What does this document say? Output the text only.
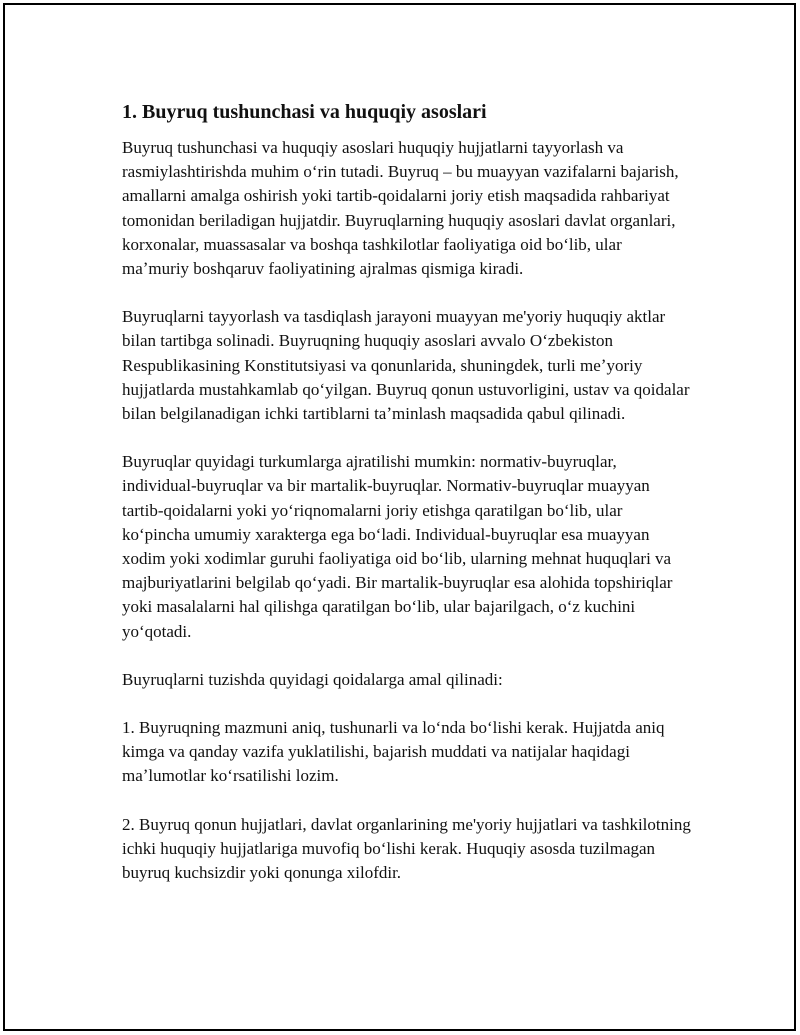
1. Buyruq tushunchasi va huquqiy asoslari

Buyruq tushunchasi va huquqiy asoslari huquqiy hujjatlarni tayyorlash va rasmiylashtirishda muhim oʻrin tutadi. Buyruq – bu muayyan vazifalarni bajarish, amallarni amalga oshirish yoki tartib-qoidalarni joriy etish maqsadida rahbariyat tomonidan beriladigan hujjatdir. Buyruqlarning huquqiy asoslari davlat organlari, korxonalar, muassasalar va boshqa tashkilotlar faoliyatiga oid boʻlib, ular maʼmuriy boshqaruv faoliyatining ajralmas qismiga kiradi.

Buyruqlarni tayyorlash va tasdiqlash jarayoni muayyan me'yoriy huquqiy aktlar bilan tartibga solinadi. Buyruqning huquqiy asoslari avvalo Oʻzbekiston Respublikasining Konstitutsiyasi va qonunlarida, shuningdek, turli meʼyoriy hujjatlarda mustahkamlab qoʻyilgan. Buyruq qonun ustuvorligini, ustav va qoidalar bilan belgilanadigan ichki tartiblarni taʼminlash maqsadida qabul qilinadi.

Buyruqlar quyidagi turkumlarga ajratilishi mumkin: normativ-buyruqlar, individual-buyruqlar va bir martalik-buyruqlar. Normativ-buyruqlar muayyan tartib-qoidalarni yoki yoʻriqnomalarni joriy etishga qaratilgan boʻlib, ular koʻpincha umumiy xarakterga ega boʻladi. Individual-buyruqlar esa muayyan xodim yoki xodimlar guruhi faoliyatiga oid boʻlib, ularning mehnat huquqlari va majburiyatlarini belgilab qoʻyadi. Bir martalik-buyruqlar esa alohida topshiriqlar yoki masalalarni hal qilishga qaratilgan boʻlib, ular bajarilgach, oʻz kuchini yoʻqotadi.

Buyruqlarni tuzishda quyidagi qoidalarga amal qilinadi:

1. Buyruqning mazmuni aniq, tushunarli va loʻnda boʻlishi kerak. Hujjatda aniq kimga va qanday vazifa yuklatilishi, bajarish muddati va natijalar haqidagi maʼlumotlar koʻrsatilishi lozim.

2. Buyruq qonun hujjatlari, davlat organlarining me'yoriy hujjatlari va tashkilotning ichki huquqiy hujjatlariga muvofiq boʻlishi kerak. Huquqiy asosda tuzilmagan buyruq kuchsizdir yoki qonunga xilofdir.
